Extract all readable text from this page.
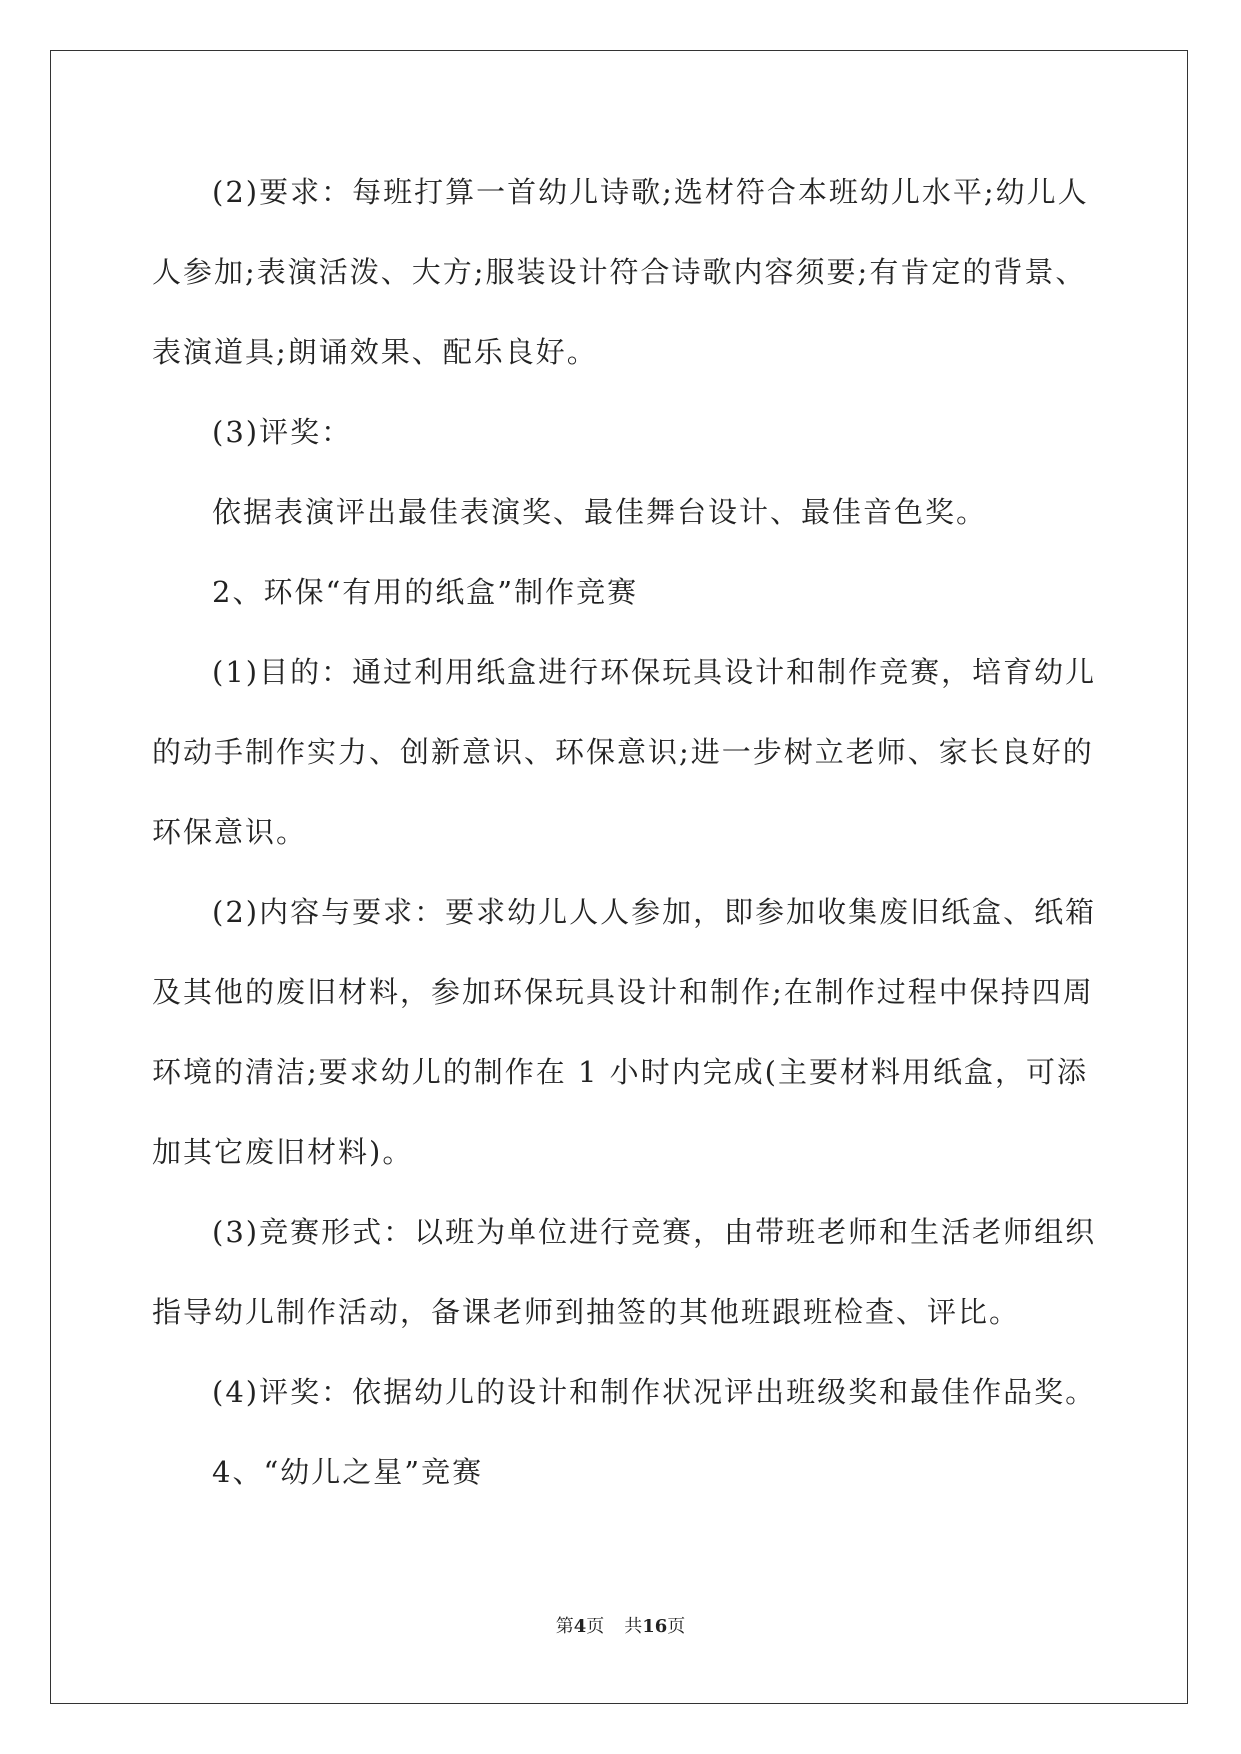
(2)要求：每班打算一首幼儿诗歌;选材符合本班幼儿水平;幼儿人
人参加;表演活泼、大方;服装设计符合诗歌内容须要;有肯定的背景、
表演道具;朗诵效果、配乐良好。
(3)评奖：
依据表演评出最佳表演奖、最佳舞台设计、最佳音色奖。
2、环保“有用的纸盒”制作竞赛
(1)目的：通过利用纸盒进行环保玩具设计和制作竞赛，培育幼儿
的动手制作实力、创新意识、环保意识;进一步树立老师、家长良好的
环保意识。
(2)内容与要求：要求幼儿人人参加，即参加收集废旧纸盒、纸箱
及其他的废旧材料，参加环保玩具设计和制作;在制作过程中保持四周
环境的清洁;要求幼儿的制作在 1 小时内完成(主要材料用纸盒，可添
加其它废旧材料)。
(3)竞赛形式：以班为单位进行竞赛，由带班老师和生活老师组织
指导幼儿制作活动，备课老师到抽签的其他班跟班检查、评比。
(4)评奖：依据幼儿的设计和制作状况评出班级奖和最佳作品奖。
4、“幼儿之星”竞赛
第4页 共16页
